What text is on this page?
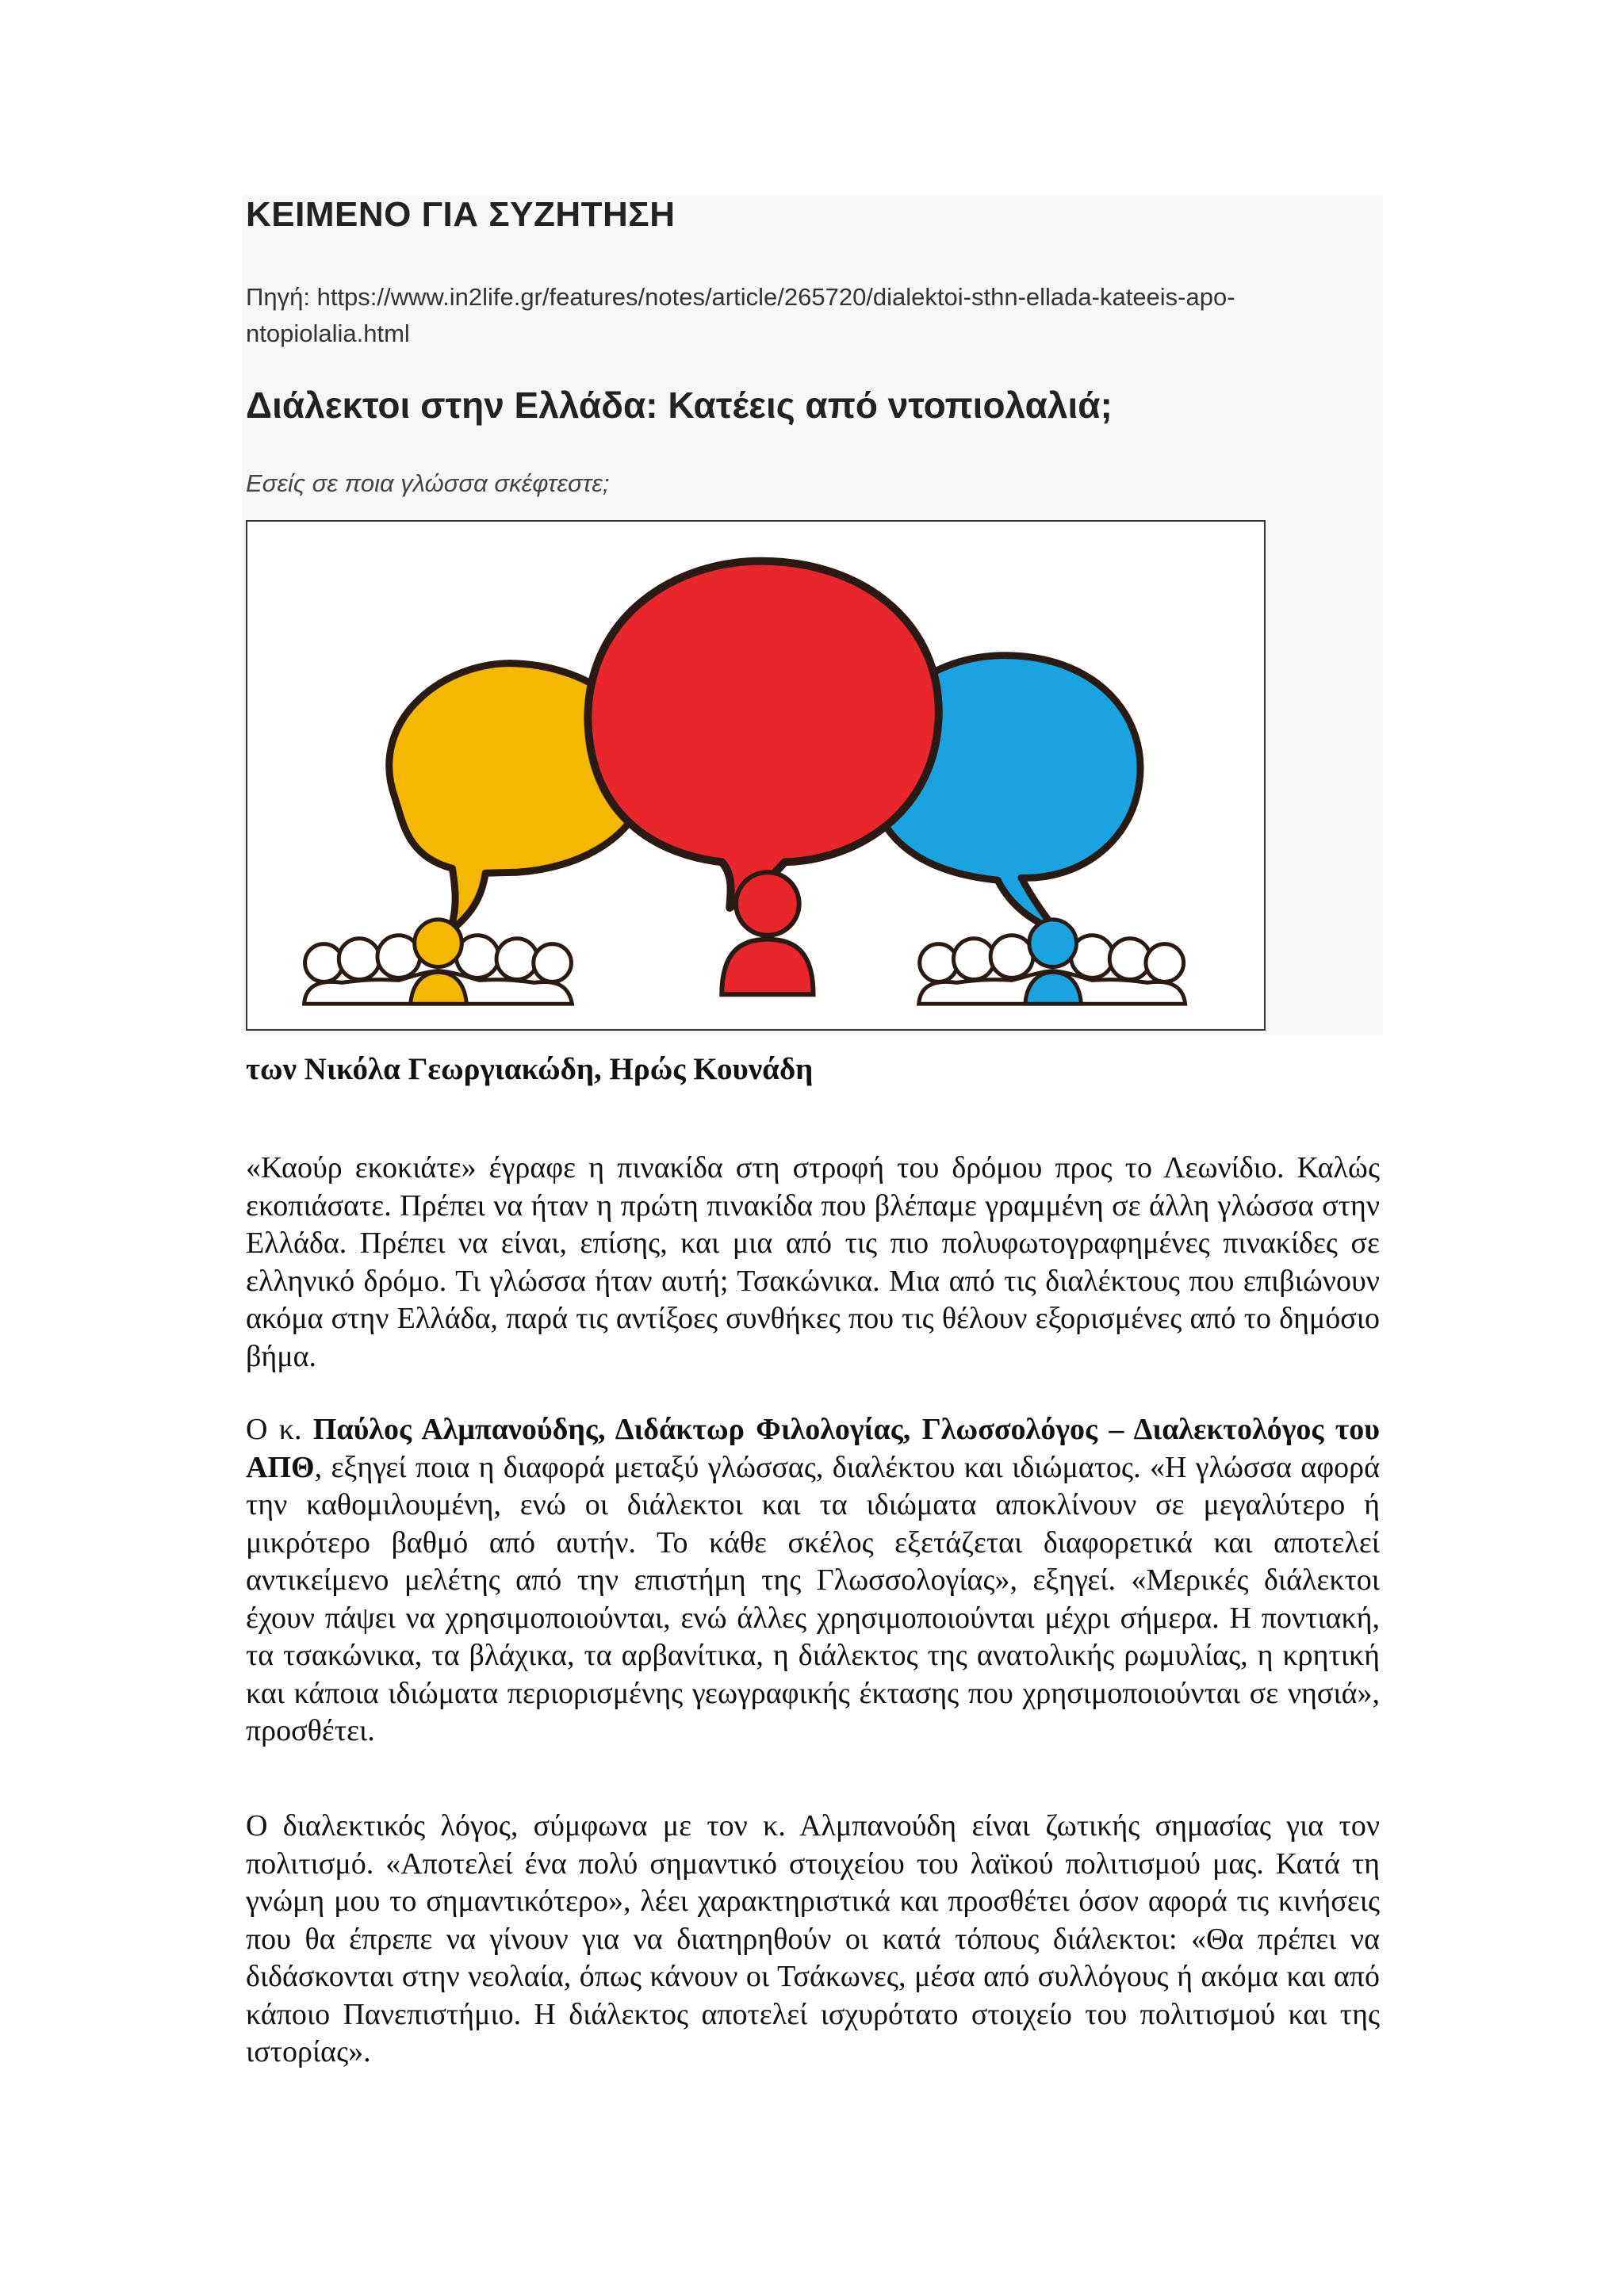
ΚΕΙΜΕΝΟ ΓΙΑ ΣΥΖΗΤΗΣΗ
Πηγή: https://www.in2life.gr/features/notes/article/265720/dialektoi-sthn-ellada-kateeis-apo-ntopiolalia.html
Διάλεκτοι στην Ελλάδα: Κατέεις από ντοπιολαλιά;
Εσείς σε ποια γλώσσα σκέφτεστε;
των Νικόλα Γεωργιακώδη, Ηρώς Κουνάδη

«Καούρ εκοκιάτε» έγραφε η πινακίδα στη στροφή του δρόμου προς το Λεωνίδιο. Καλώς εκοπιάσατε. Πρέπει να ήταν η πρώτη πινακίδα που βλέπαμε γραμμένη σε άλλη γλώσσα στην Ελλάδα. Πρέπει να είναι, επίσης, και μια από τις πιο πολυφωτογραφημένες πινακίδες σε ελληνικό δρόμο. Τι γλώσσα ήταν αυτή; Τσακώνικα. Μια από τις διαλέκτους που επιβιώνουν ακόμα στην Ελλάδα, παρά τις αντίξοες συνθήκες που τις θέλουν εξορισμένες από το δημόσιο βήμα.

Ο κ. Παύλος Αλμπανούδης, Διδάκτωρ Φιλολογίας, Γλωσσολόγος – Διαλεκτολόγος του ΑΠΘ, εξηγεί ποια η διαφορά μεταξύ γλώσσας, διαλέκτου και ιδιώματος. «Η γλώσσα αφορά την καθομιλουμένη, ενώ οι διάλεκτοι και τα ιδιώματα αποκλίνουν σε μεγαλύτερο ή μικρότερο βαθμό από αυτήν. Το κάθε σκέλος εξετάζεται διαφορετικά και αποτελεί αντικείμενο μελέτης από την επιστήμη της Γλωσσολογίας», εξηγεί. «Μερικές διάλεκτοι έχουν πάψει να χρησιμοποιούνται, ενώ άλλες χρησιμοποιούνται μέχρι σήμερα. Η ποντιακή, τα τσακώνικα, τα βλάχικα, τα αρβανίτικα, η διάλεκτος της ανατολικής ρωμυλίας, η κρητική και κάποια ιδιώματα περιορισμένης γεωγραφικής έκτασης που χρησιμοποιούνται σε νησιά», προσθέτει.

Ο διαλεκτικός λόγος, σύμφωνα με τον κ. Αλμπανούδη είναι ζωτικής σημασίας για τον πολιτισμό. «Αποτελεί ένα πολύ σημαντικό στοιχείου του λαϊκού πολιτισμού μας. Κατά τη γνώμη μου το σημαντικότερο», λέει χαρακτηριστικά και προσθέτει όσον αφορά τις κινήσεις που θα έπρεπε να γίνουν για να διατηρηθούν οι κατά τόπους διάλεκτοι: «Θα πρέπει να διδάσκονται στην νεολαία, όπως κάνουν οι Τσάκωνες, μέσα από συλλόγους ή ακόμα και από κάποιο Πανεπιστήμιο. Η διάλεκτος αποτελεί ισχυρότατο στοιχείο του πολιτισμού και της ιστορίας».
